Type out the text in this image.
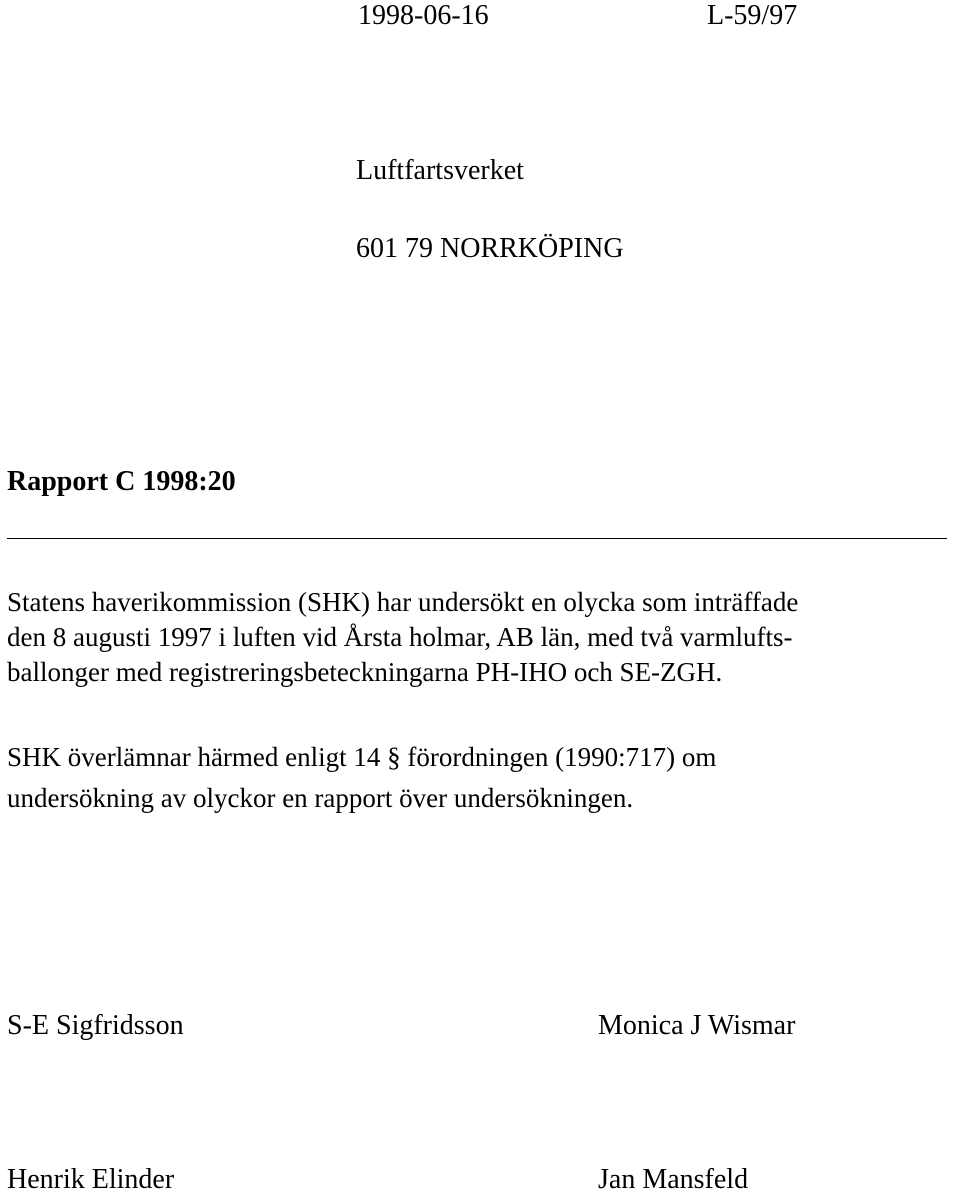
1998-06-16	L-59/97

Luftfartsverket

601 79 NORRKÖPING

Rapport C 1998:20

Statens haverikommission (SHK) har undersökt en olycka som inträffade
den 8 augusti 1997 i luften vid Årsta holmar, AB län, med två varmlufts-
ballonger med registreringsbeteckningarna PH-IHO och SE-ZGH.

SHK överlämnar härmed enligt 14 § förordningen (1990:717) om
undersökning av olyckor en rapport över undersökningen.

S-E Sigfridsson	Monica J Wismar

Henrik Elinder	Jan Mansfeld
